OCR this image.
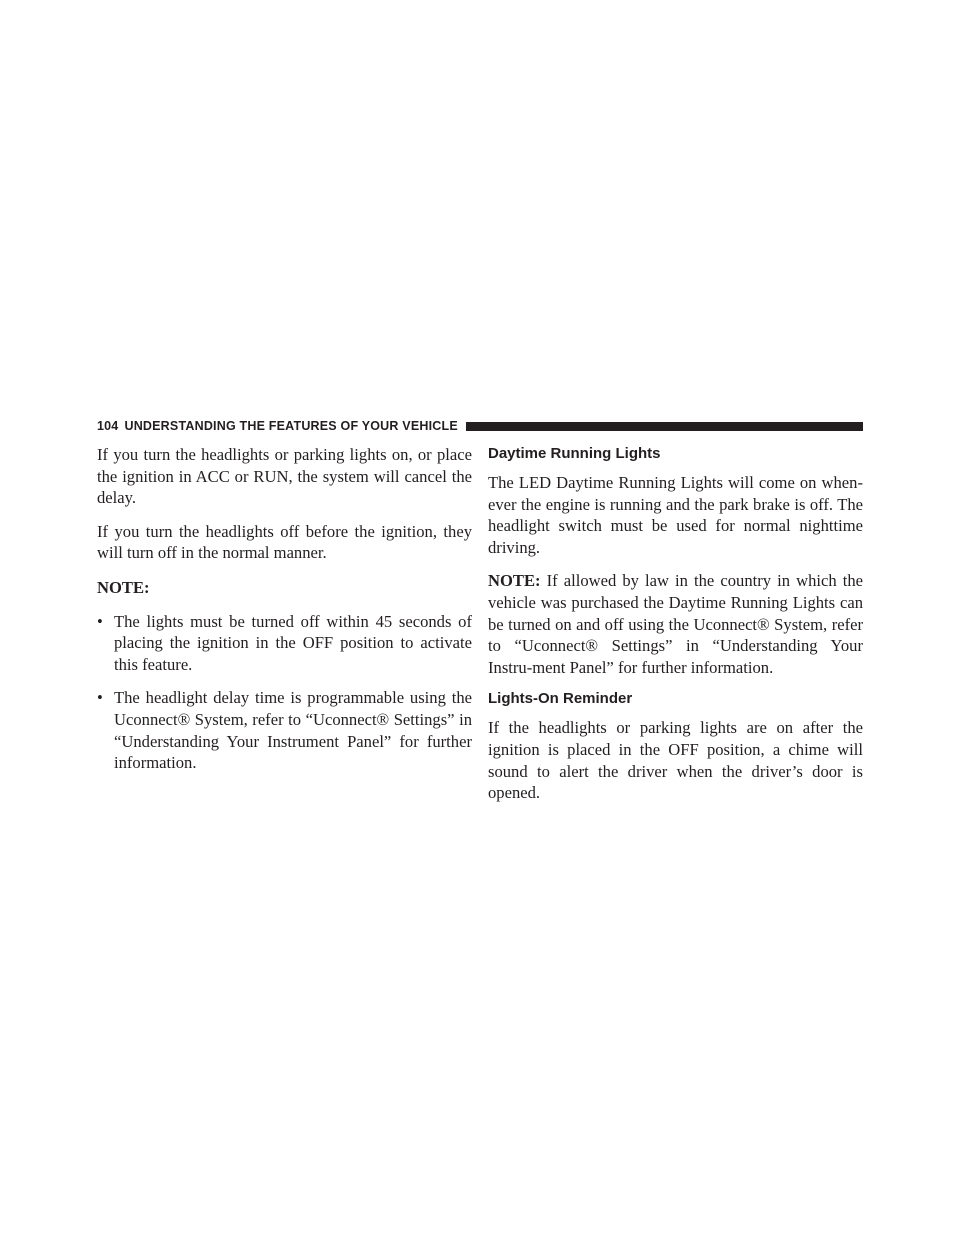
104 UNDERSTANDING THE FEATURES OF YOUR VEHICLE

If you turn the headlights or parking lights on, or place the ignition in ACC or RUN, the system will cancel the delay.

If you turn the headlights off before the ignition, they will turn off in the normal manner.

NOTE:

• The lights must be turned off within 45 seconds of placing the ignition in the OFF position to activate this feature.

• The headlight delay time is programmable using the Uconnect® System, refer to “Uconnect® Settings” in “Understanding Your Instrument Panel” for further information.

Daytime Running Lights

The LED Daytime Running Lights will come on when-ever the engine is running and the park brake is off. The headlight switch must be used for normal nighttime driving.

NOTE: If allowed by law in the country in which the vehicle was purchased the Daytime Running Lights can be turned on and off using the Uconnect® System, refer to “Uconnect® Settings” in “Understanding Your Instru-ment Panel” for further information.

Lights-On Reminder

If the headlights or parking lights are on after the ignition is placed in the OFF position, a chime will sound to alert the driver when the driver’s door is opened.
